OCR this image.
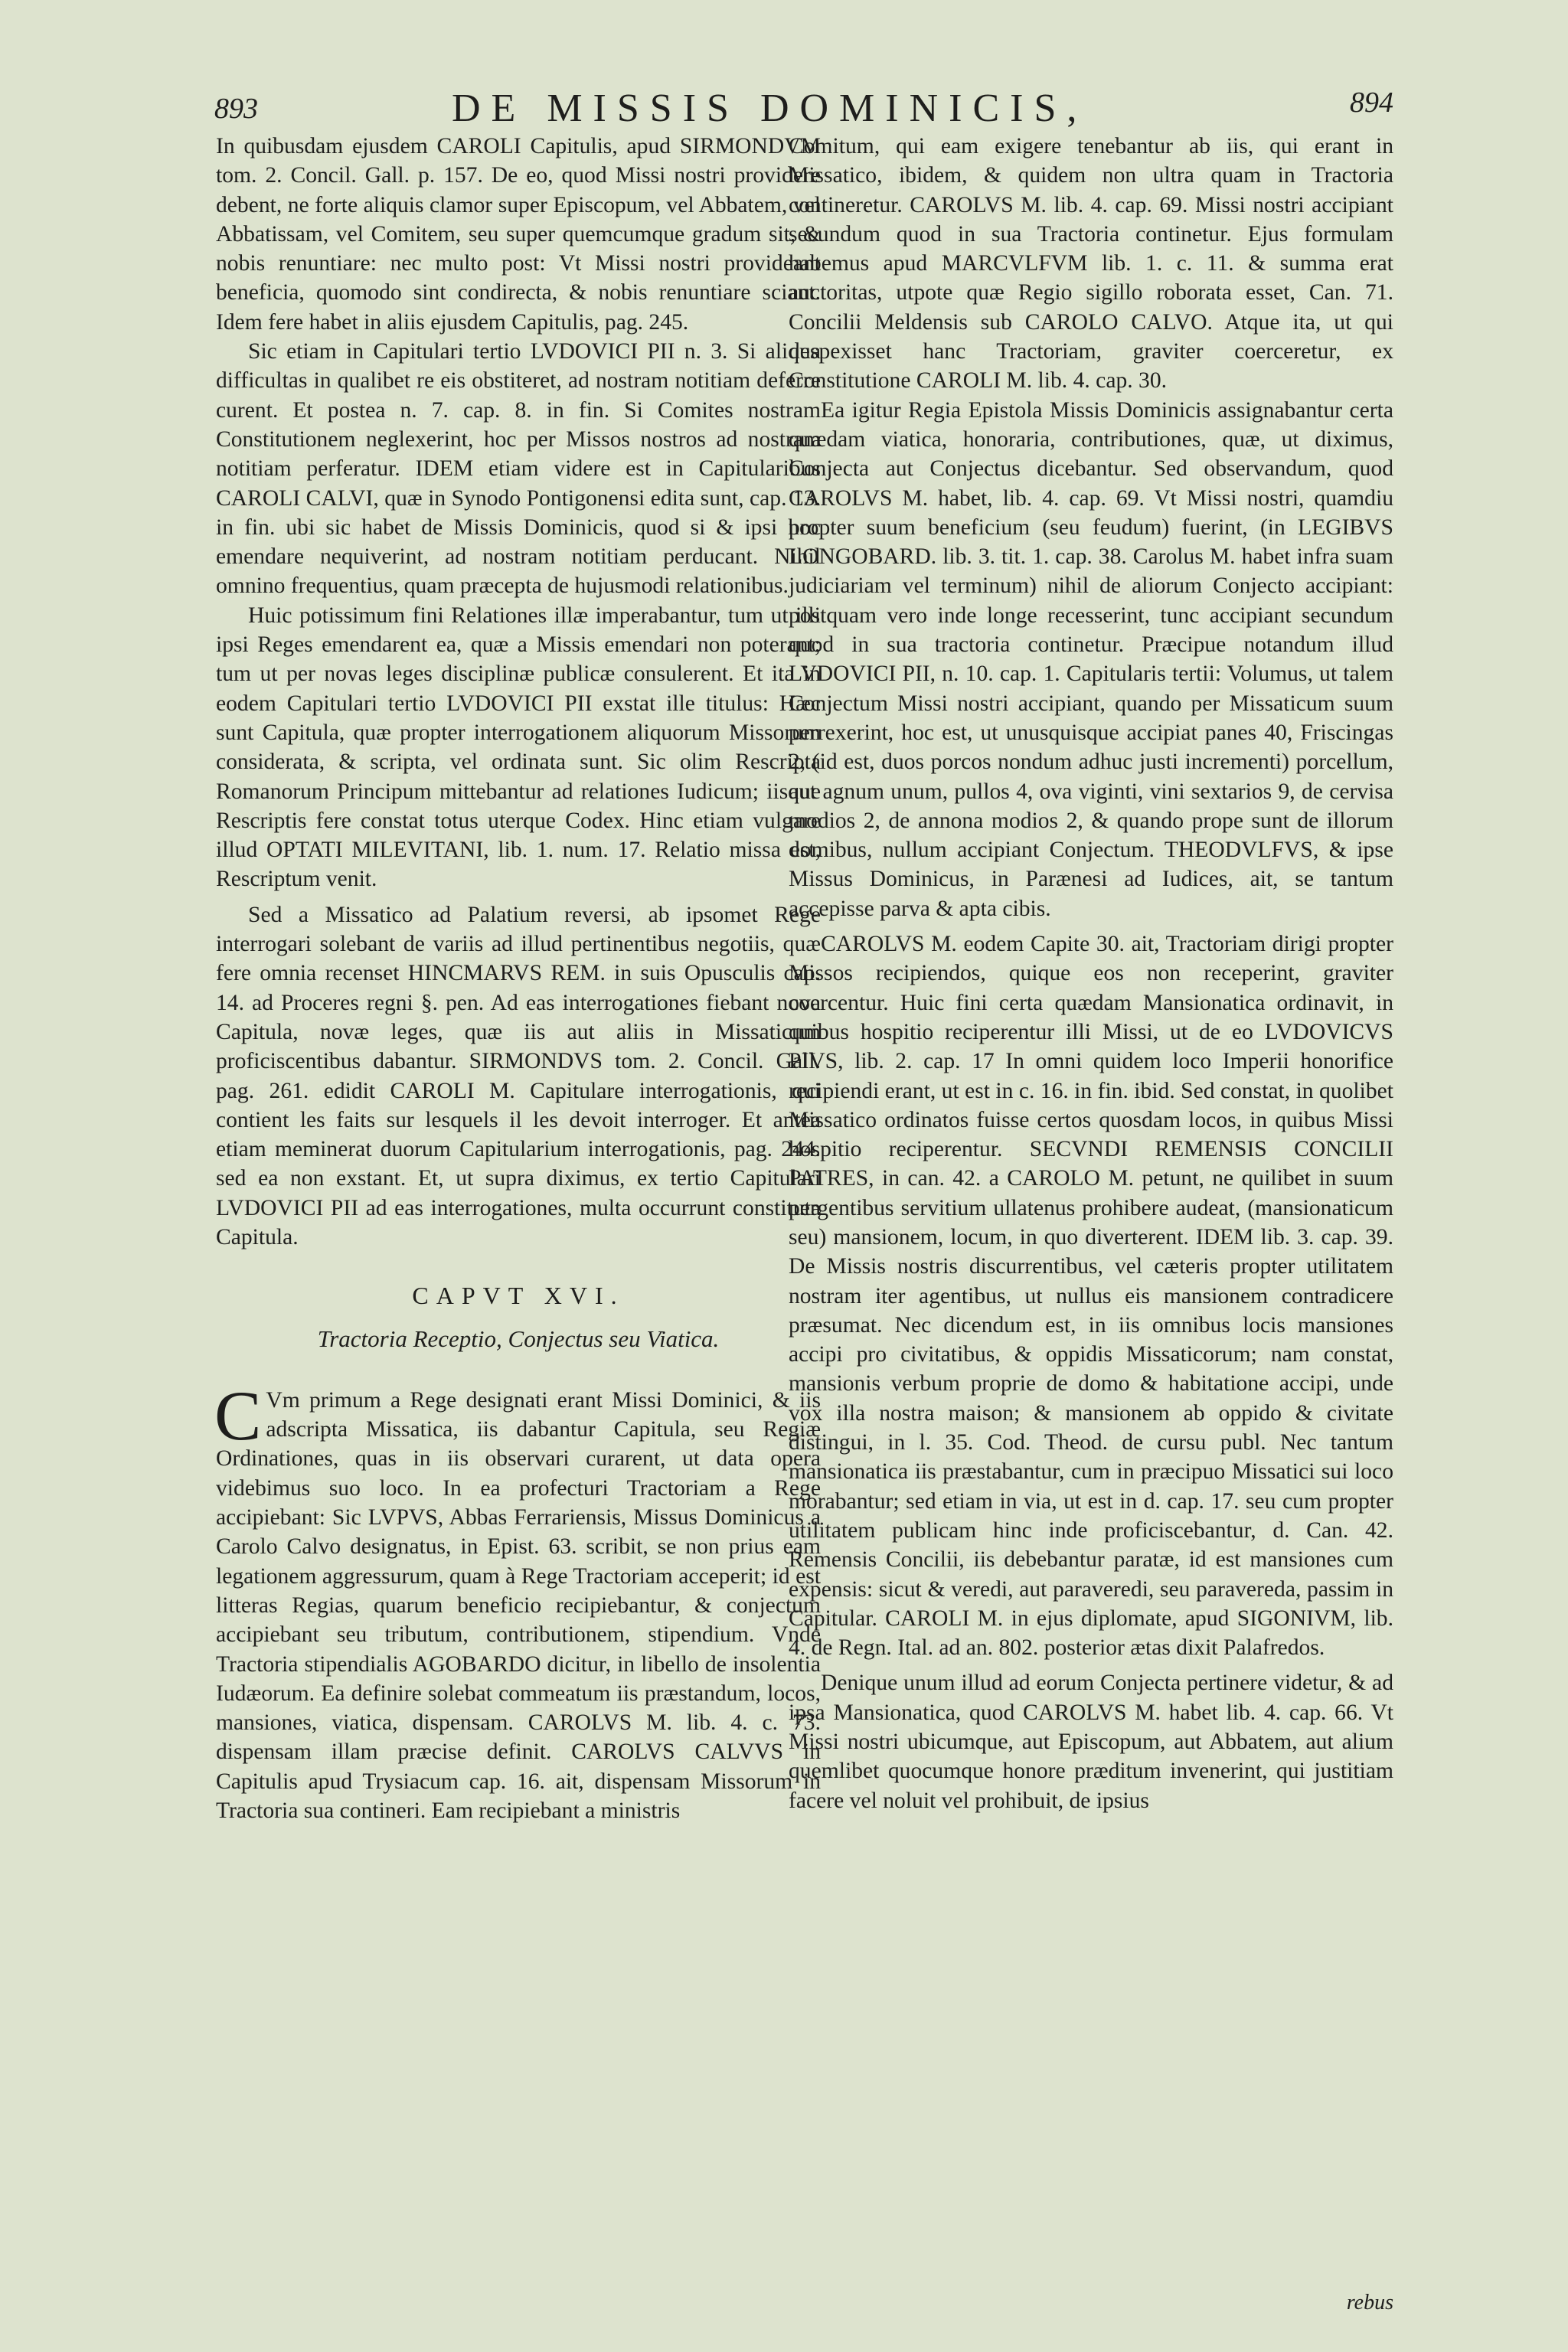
893	DE MISSIS DOMINICIS,	894

In quibusdam ejusdem CAROLI Capitulis, apud SIRMONDVM tom. 2. Concil. Gall. p. 157. De eo, quod Missi nostri providere debent, ne forte aliquis clamor super Episcopum, vel Abbatem, vel Abbatissam, vel Comitem, seu super quemcumque gradum sit, & nobis renuntiare: nec multo post: Vt Missi nostri provideant beneficia, quomodo sint condirecta, & nobis renuntiare sciant. Idem fere habet in aliis ejusdem Capitulis, pag. 245.

Sic etiam in Capitulari tertio LVDOVICI PII n. 3. Si aliqua difficultas in qualibet re eis obstiteret, ad nostram notitiam deferre curent. Et postea n. 7. cap. 8. in fin. Si Comites nostram Constitutionem neglexerint, hoc per Missos nostros ad nostram notitiam perferatur. IDEM etiam videre est in Capitularibus CAROLI CALVI, quæ in Synodo Pontigonensi edita sunt, cap. 13. in fin. ubi sic habet de Missis Dominicis, quod si & ipsi hoc emendare nequiverint, ad nostram notitiam perducant. Nihil omnino frequentius, quam præcepta de hujusmodi relationibus.

Huic potissimum fini Relationes illæ imperabantur, tum ut illi ipsi Reges emendarent ea, quæ a Missis emendari non poterant; tum ut per novas leges disciplinæ publicæ consulerent. Et ita in eodem Capitulari tertio LVDOVICI PII exstat ille titulus: Hæc sunt Capitula, quæ propter interrogationem aliquorum Missorum considerata, & scripta, vel ordinata sunt. Sic olim Rescripta Romanorum Principum mittebantur ad relationes Iudicum; iisque Rescriptis fere constat totus uterque Codex. Hinc etiam vulgare illud OPTATI MILEVITANI, lib. 1. num. 17. Relatio missa est, Rescriptum venit.

Sed a Missatico ad Palatium reversi, ab ipsomet Rege interrogari solebant de variis ad illud pertinentibus negotiis, quæ fere omnia recenset HINCMARVS REM. in suis Opusculis cap. 14. ad Proceres regni §. pen. Ad eas interrogationes fiebant nova Capitula, novæ leges, quæ iis aut aliis in Missaticum proficiscentibus dabantur. SIRMONDVS tom. 2. Concil. Gall. pag. 261. edidit CAROLI M. Capitulare interrogationis, qui contient les faits sur lesquels il les devoit interroger. Et antea etiam meminerat duorum Capitularium interrogationis, pag. 244. sed ea non exstant. Et, ut supra diximus, ex tertio Capitulari LVDOVICI PII ad eas interrogationes, multa occurrunt constituta Capitula.

CAPVT XVI.
Tractoria Receptio, Conjectus seu Viatica.

C Vm primum a Rege designati erant Missi Dominici, & iis adscripta Missatica, iis dabantur Capitula, seu Regiæ Ordinationes, quas in iis observari curarent, ut data opera videbimus suo loco. In ea profecturi Tractoriam a Rege accipiebant: Sic LVPVS, Abbas Ferrariensis, Missus Dominicus a Carolo Calvo designatus, in Epist. 63. scribit, se non prius eam legationem aggressurum, quam à Rege Tractoriam acceperit; id est litteras Regias, quarum beneficio recipiebantur, & conjectum accipiebant seu tributum, contributionem, stipendium. Vnde Tractoria stipendialis AGOBARDO dicitur, in libello de insolentia Iudæorum. Ea definire solebat commeatum iis præstandum, locos, mansiones, viatica, dispensam. CAROLVS M. lib. 4. c. 73. dispensam illam præcise definit. CAROLVS CALVVS in Capitulis apud Trysiacum cap. 16. ait, dispensam Missorum in Tractoria sua contineri. Eam recipiebant a ministris

Comitum, qui eam exigere tenebantur ab iis, qui erant in Missatico, ibidem, & quidem non ultra quam in Tractoria contineretur. CAROLVS M. lib. 4. cap. 69. Missi nostri accipiant secundum quod in sua Tractoria continetur. Ejus formulam habemus apud MARCVLFVM lib. 1. c. 11. & summa erat auctoritas, utpote quæ Regio sigillo roborata esset, Can. 71. Concilii Meldensis sub CAROLO CALVO. Atque ita, ut qui despexisset hanc Tractoriam, graviter coerceretur, ex Constitutione CAROLI M. lib. 4. cap. 30.

Ea igitur Regia Epistola Missis Dominicis assignabantur certa quædam viatica, honoraria, contributiones, quæ, ut diximus, Conjecta aut Conjectus dicebantur. Sed observandum, quod CAROLVS M. habet, lib. 4. cap. 69. Vt Missi nostri, quamdiu propter suum beneficium (seu feudum) fuerint, (in LEGIBVS LONGOBARD. lib. 3. tit. 1. cap. 38. Carolus M. habet infra suam judiciariam vel terminum) nihil de aliorum Conjecto accipiant: postquam vero inde longe recesserint, tunc accipiant secundum quod in sua tractoria continetur. Præcipue notandum illud LVDOVICI PII, n. 10. cap. 1. Capitularis tertii: Volumus, ut talem Conjectum Missi nostri accipiant, quando per Missaticum suum perrexerint, hoc est, ut unusquisque accipiat panes 40, Friscingas 2, (id est, duos porcos nondum adhuc justi incrementi) porcellum, aut agnum unum, pullos 4, ova viginti, vini sextarios 9, de cervisa modios 2, de annona modios 2, & quando prope sunt de illorum domibus, nullum accipiant Conjectum. THEODVLFVS, & ipse Missus Dominicus, in Parænesi ad Iudices, ait, se tantum accepisse parva & apta cibis.

CAROLVS M. eodem Capite 30. ait, Tractoriam dirigi propter Missos recipiendos, quique eos non receperint, graviter coercentur. Huic fini certa quædam Mansionatica ordinavit, in quibus hospitio reciperentur illi Missi, ut de eo LVDOVICVS PIVS, lib. 2. cap. 17 In omni quidem loco Imperii honorifice recipiendi erant, ut est in c. 16. in fin. ibid. Sed constat, in quolibet Missatico ordinatos fuisse certos quosdam locos, in quibus Missi hospitio reciperentur. SECVNDI REMENSIS CONCILII PATRES, in can. 42. a CAROLO M. petunt, ne quilibet in suum pergentibus servitium ullatenus prohibere audeat, (mansionaticum seu) mansionem, locum, in quo diverterent. IDEM lib. 3. cap. 39. De Missis nostris discurrentibus, vel cæteris propter utilitatem nostram iter agentibus, ut nullus eis mansionem contradicere præsumat. Nec dicendum est, in iis omnibus locis mansiones accipi pro civitatibus, & oppidis Missaticorum; nam constat, mansionis verbum proprie de domo & habitatione accipi, unde vox illa nostra maison; & mansionem ab oppido & civitate distingui, in l. 35. Cod. Theod. de cursu publ. Nec tantum mansionatica iis præstabantur, cum in præcipuo Missatici sui loco morabantur; sed etiam in via, ut est in d. cap. 17. seu cum propter utilitatem publicam hinc inde proficiscebantur, d. Can. 42. Remensis Concilii, iis debebantur paratæ, id est mansiones cum expensis: sicut & veredi, aut paraveredi, seu paravereda, passim in Capitular. CAROLI M. in ejus diplomate, apud SIGONIVM, lib. 4. de Regn. Ital. ad an. 802. posterior ætas dixit Palafredos.

Denique unum illud ad eorum Conjecta pertinere videtur, & ad ipsa Mansionatica, quod CAROLVS M. habet lib. 4. cap. 66. Vt Missi nostri ubicumque, aut Episcopum, aut Abbatem, aut alium quemlibet quocumque honore præditum invenerint, qui justitiam facere vel noluit vel prohibuit, de ipsius

rebus
